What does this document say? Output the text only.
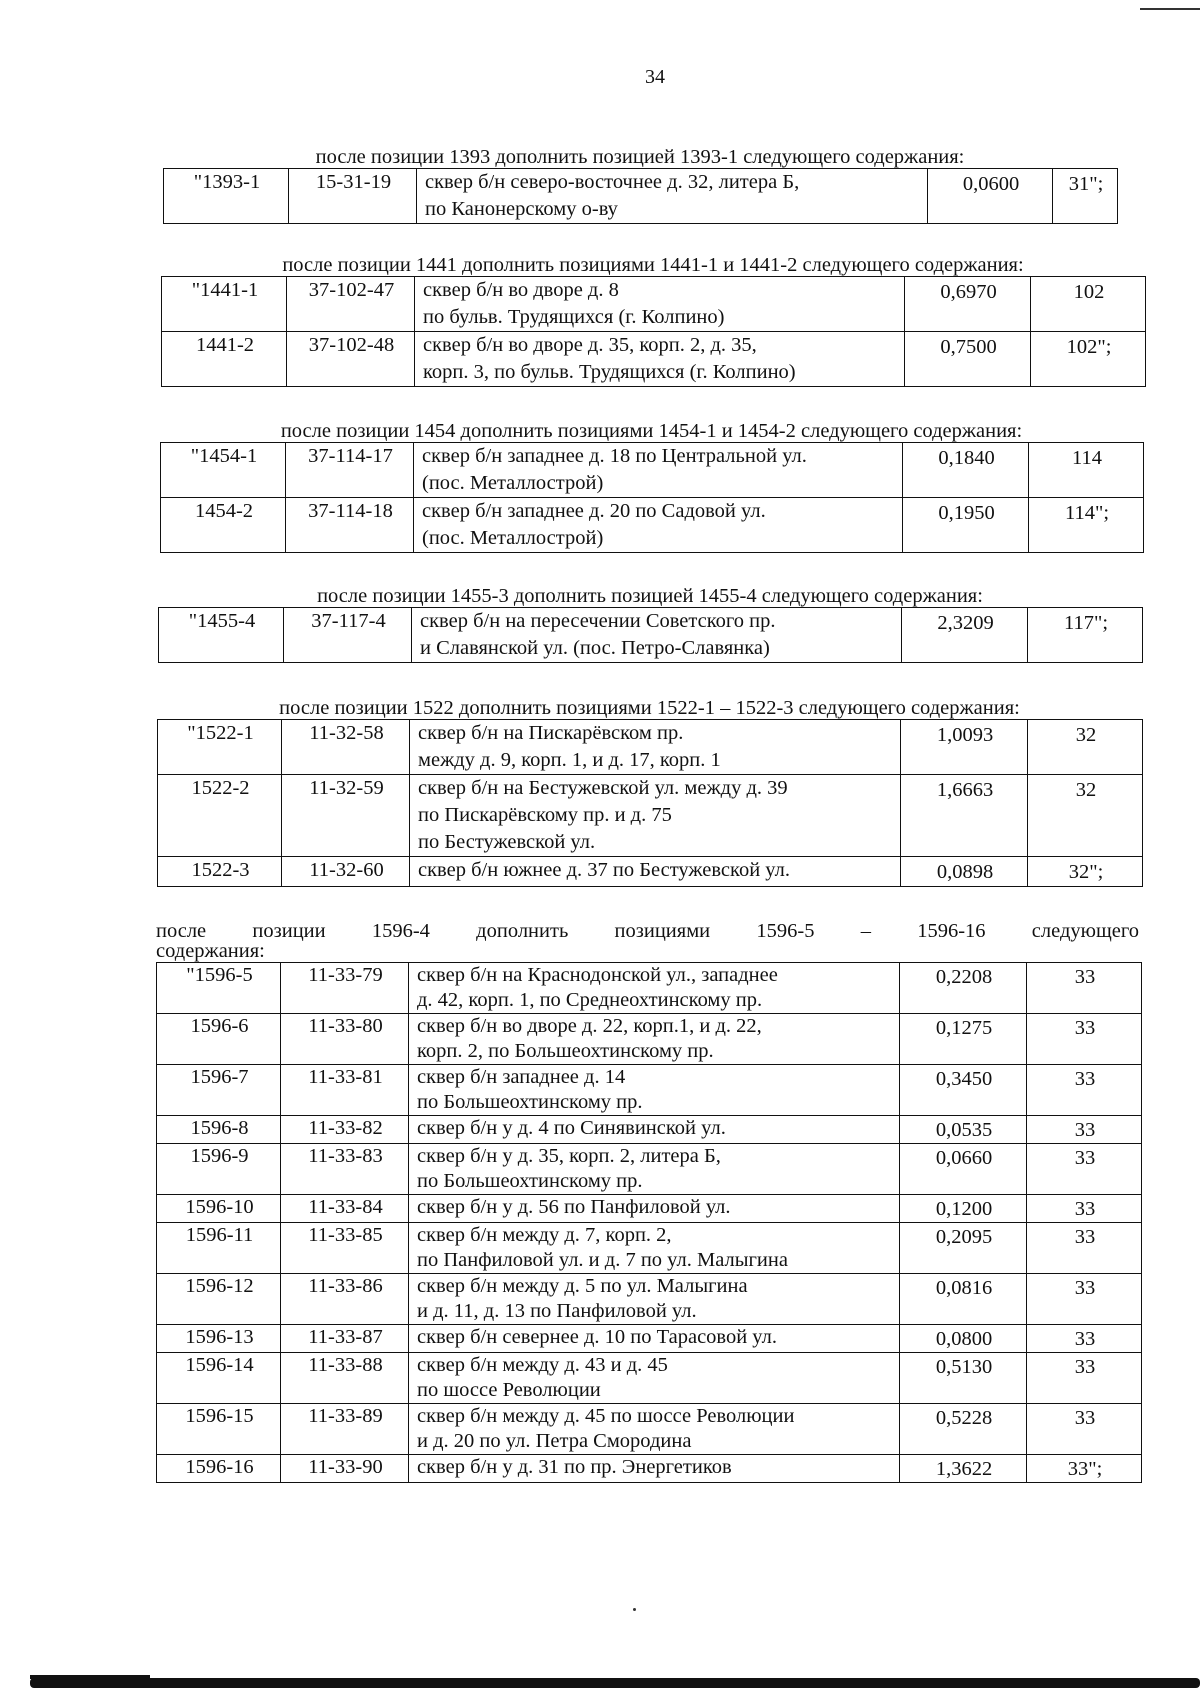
34
после позиции 1393 дополнить позицией 1393-1 следующего содержания:
"1393-1	15-31-19	сквер б/н северо-восточнее д. 32, литера Б,
по Канонерскому о-ву
	0,0600	31";
после позиции 1441 дополнить позициями 1441-1 и 1441-2 следующего содержания:
"1441-1	37-102-47	сквер б/н во дворе д. 8
по бульв. Трудящихся (г. Колпино)	0,6970	102
1441-2	37-102-48	сквер б/н во дворе д. 35, корп. 2, д. 35,
корп. 3, по бульв. Трудящихся (г. Колпино)	0,7500	102";
после позиции 1454 дополнить позициями 1454-1 и 1454-2 следующего содержания:
"1454-1	37-114-17	сквер б/н западнее д. 18 по Центральной ул.
(пос. Металлострой)	0,1840	114
1454-2	37-114-18	сквер б/н западнее д. 20 по Садовой ул.
(пос. Металлострой)	0,1950	114";
после позиции 1455-3 дополнить позицией 1455-4 следующего содержания:
"1455-4	37-117-4	сквер б/н на пересечении Советского пр.
и Славянской ул. (пос. Петро-Славянка)
	2,3209	117";
после позиции 1522 дополнить позициями 1522-1 – 1522-3 следующего содержания:
"1522-1	11-32-58	сквер б/н на Пискарёвском пр.
между д. 9, корп. 1, и д. 17, корп. 1	1,0093	32
1522-2	11-32-59	сквер б/н на Бестужевской ул. между д. 39
по Пискарёвскому пр. и д. 75
по Бестужевской ул.	1,6663	32
1522-3	11-32-60	сквер б/н южнее д. 37 по Бестужевской ул.	0,0898	32";
после позиции 1596-4 дополнить позициями 1596-5 – 1596-16 следующего
содержания:
"1596-5	11-33-79	сквер б/н на Краснодонской ул., западнее
д. 42, корп. 1, по Среднеохтинскому пр.	0,2208	33
1596-6	11-33-80	сквер б/н во дворе д. 22, корп.1, и д. 22,
корп. 2, по Большеохтинскому пр.	0,1275	33
1596-7	11-33-81	сквер б/н западнее д. 14
по Большеохтинскому пр.	0,3450	33
1596-8	11-33-82	сквер б/н у д. 4 по Синявинской ул.	0,0535	33
1596-9	11-33-83	сквер б/н у д. 35, корп. 2, литера Б,
по Большеохтинскому пр.	0,0660	33
1596-10	11-33-84	сквер б/н у д. 56 по Панфиловой ул.	0,1200	33
1596-11	11-33-85	сквер б/н между д. 7, корп. 2,
по Панфиловой ул. и д. 7 по ул. Малыгина	0,2095	33
1596-12	11-33-86	сквер б/н между д. 5 по ул. Малыгина
и д. 11, д. 13 по Панфиловой ул.	0,0816	33
1596-13	11-33-87	сквер б/н севернее д. 10 по Тарасовой ул.	0,0800	33
1596-14	11-33-88	сквер б/н между д. 43 и д. 45
по шоссе Революции	0,5130	33
1596-15	11-33-89	сквер б/н между д. 45 по шоссе Революции
и д. 20 по ул. Петра Смородина	0,5228	33
1596-16	11-33-90	сквер б/н у д. 31 по пр. Энергетиков	1,3622	33";
